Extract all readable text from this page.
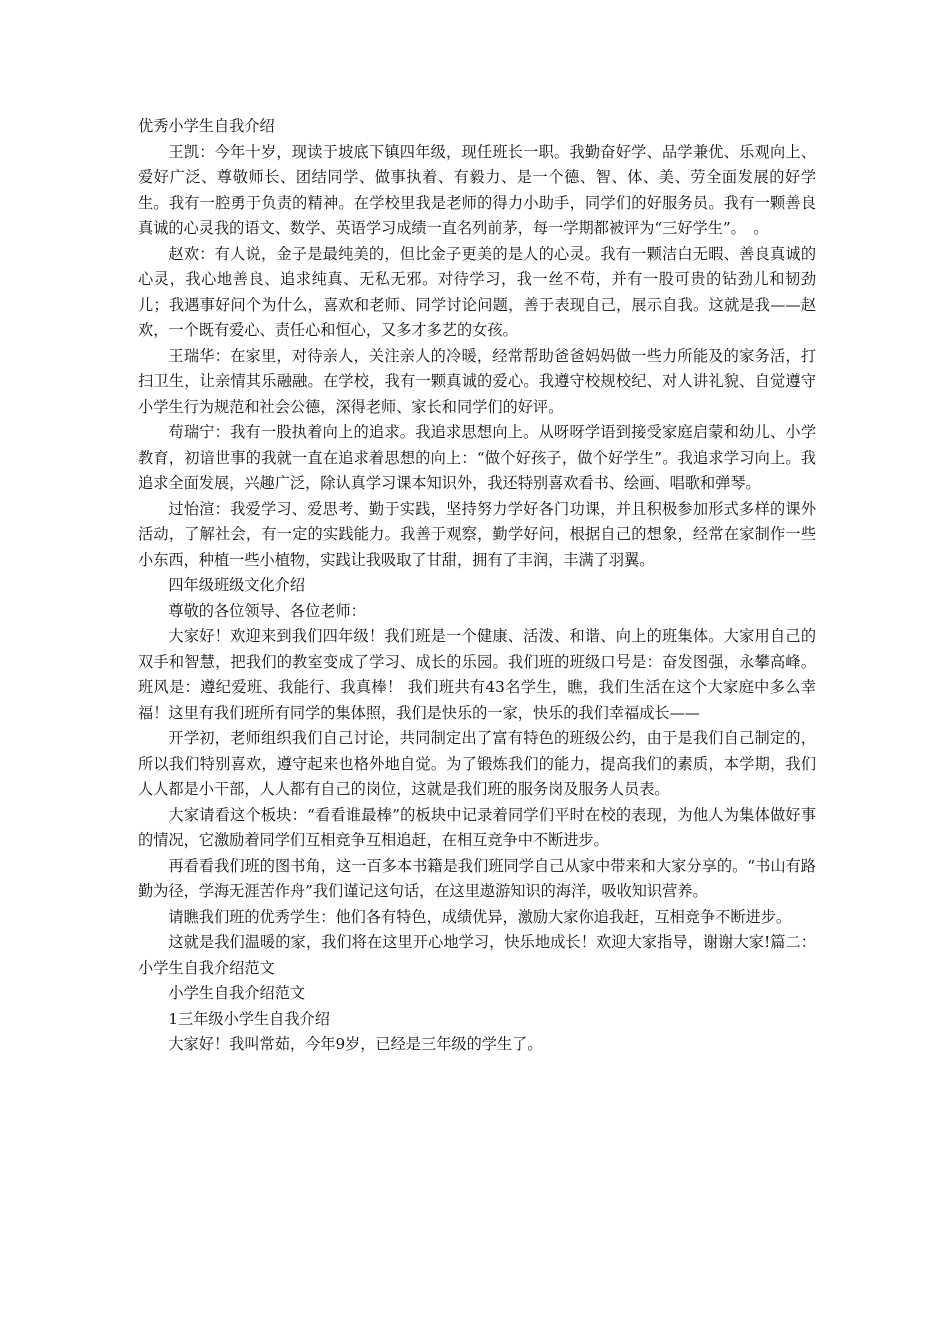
优秀小学生自我介绍

王凯：今年十岁，现读于坡底下镇四年级，现任班长一职。我勤奋好学、品学兼优、乐观向上、爱好广泛、尊敬师长、团结同学、做事执着、有毅力、是一个德、智、体、美、劳全面发展的好学生。我有一腔勇于负责的精神。在学校里我是老师的得力小助手，同学们的好服务员。我有一颗善良真诚的心灵我的语文、数学、英语学习成绩一直名列前茅，每一学期都被评为“三好学生”。　。

赵欢：有人说，金子是最纯美的，但比金子更美的是人的心灵。我有一颗洁白无暇、善良真诚的心灵，我心地善良、追求纯真、无私无邪。对待学习，我一丝不苟，并有一股可贵的钻劲儿和韧劲儿；我遇事好问个为什么，喜欢和老师、同学讨论问题，善于表现自己，展示自我。这就是我——赵欢，一个既有爱心、责任心和恒心，又多才多艺的女孩。

王瑞华：在家里，对待亲人，关注亲人的冷暖，经常帮助爸爸妈妈做一些力所能及的家务活，打扫卫生，让亲情其乐融融。在学校，我有一颗真诚的爱心。我遵守校规校纪、对人讲礼貌、自觉遵守小学生行为规范和社会公德，深得老师、家长和同学们的好评。

苟瑞宁：我有一股执着向上的追求。我追求思想向上。从呀呀学语到接受家庭启蒙和幼儿、小学教育，初谙世事的我就一直在追求着思想的向上：“做个好孩子，做个好学生”。我追求学习向上。我追求全面发展，兴趣广泛，除认真学习课本知识外，我还特别喜欢看书、绘画、唱歌和弹琴。

过怡渲：我爱学习、爱思考、勤于实践，坚持努力学好各门功课，并且积极参加形式多样的课外活动，了解社会，有一定的实践能力。我善于观察，勤学好问，根据自己的想象，经常在家制作一些小东西，种植一些小植物，实践让我吸取了甘甜，拥有了丰润，丰满了羽翼。

四年级班级文化介绍

尊敬的各位领导、各位老师：

大家好！欢迎来到我们四年级！我们班是一个健康、活泼、和谐、向上的班集体。大家用自己的双手和智慧，把我们的教室变成了学习、成长的乐园。我们班的班级口号是：奋发图强，永攀高峰。班风是：遵纪爱班、我能行、我真棒！ 我们班共有43名学生，瞧，我们生活在这个大家庭中多么幸福！这里有我们班所有同学的集体照，我们是快乐的一家，快乐的我们幸福成长——

开学初，老师组织我们自己讨论，共同制定出了富有特色的班级公约，由于是我们自己制定的，所以我们特别喜欢，遵守起来也格外地自觉。为了锻炼我们的能力，提高我们的素质，本学期，我们人人都是小干部，人人都有自己的岗位，这就是我们班的服务岗及服务人员表。

大家请看这个板块：“看看谁最棒”的板块中记录着同学们平时在校的表现，为他人为集体做好事的情况，它激励着同学们互相竞争互相追赶，在相互竞争中不断进步。

再看看我们班的图书角，这一百多本书籍是我们班同学自己从家中带来和大家分享的。“书山有路勤为径，学海无涯苦作舟”我们谨记这句话，在这里遨游知识的海洋，吸收知识营养。

请瞧我们班的优秀学生：他们各有特色，成绩优异，激励大家你追我赶，互相竞争不断进步。

这就是我们温暖的家，我们将在这里开心地学习，快乐地成长！欢迎大家指导，谢谢大家!篇二：小学生自我介绍范文

小学生自我介绍范文

1三年级小学生自我介绍

大家好！我叫常茹，今年9岁，已经是三年级的学生了。
